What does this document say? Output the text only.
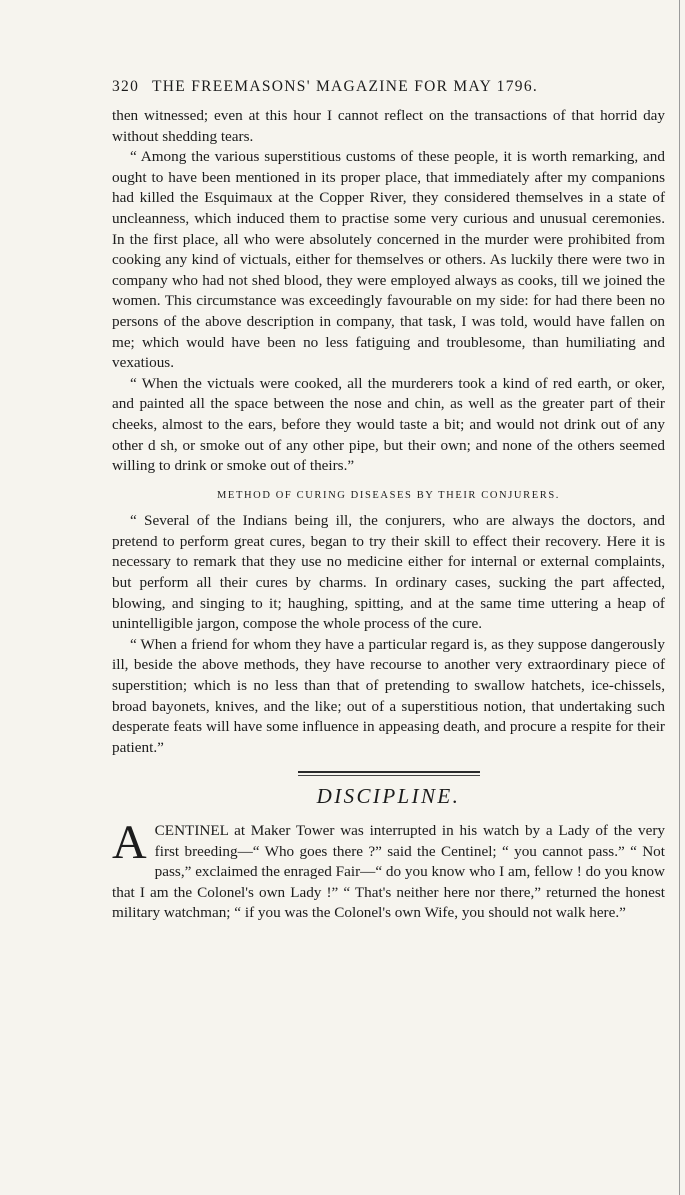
320 THE FREEMASONS' MAGAZINE FOR MAY 1796.

then witnessed; even at this hour I cannot reflect on the transactions of that horrid day without shedding tears.

“ Among the various superstitious customs of these people, it is worth remarking, and ought to have been mentioned in its proper place, that immediately after my companions had killed the Esquimaux at the Copper River, they considered themselves in a state of uncleanness, which induced them to practise some very curious and unusual ceremonies. In the first place, all who were absolutely concerned in the murder were prohibited from cooking any kind of victuals, either for themselves or others. As luckily there were two in company who had not shed blood, they were employed always as cooks, till we joined the women. This circumstance was exceedingly favourable on my side: for had there been no persons of the above description in company, that task, I was told, would have fallen on me; which would have been no less fatiguing and troublesome, than humiliating and vexatious.

“ When the victuals were cooked, all the murderers took a kind of red earth, or oker, and painted all the space between the nose and chin, as well as the greater part of their cheeks, almost to the ears, before they would taste a bit; and would not drink out of any other d sh, or smoke out of any other pipe, but their own; and none of the others seemed willing to drink or smoke out of theirs.”

METHOD OF CURING DISEASES BY THEIR CONJURERS.

“ Several of the Indians being ill, the conjurers, who are always the doctors, and pretend to perform great cures, began to try their skill to effect their recovery. Here it is necessary to remark that they use no medicine either for internal or external complaints, but perform all their cures by charms. In ordinary cases, sucking the part affected, blowing, and singing to it; haughing, spitting, and at the same time uttering a heap of unintelligible jargon, compose the whole process of the cure.

“ When a friend for whom they have a particular regard is, as they suppose dangerously ill, beside the above methods, they have recourse to another very extraordinary piece of superstition; which is no less than that of pretending to swallow hatchets, ice-chissels, broad bayonets, knives, and the like; out of a superstitious notion, that undertaking such desperate feats will have some influence in appeasing death, and procure a respite for their patient.”

DISCIPLINE.

ACENTINEL at Maker Tower was interrupted in his watch by a Lady of the very first breeding—“ Who goes there ?” said the Centinel; “ you cannot pass.” “ Not pass,” exclaimed the enraged Fair—“ do you know who I am, fellow ! do you know that I am the Colonel's own Lady !” “ That's neither here nor there,” returned the honest military watchman; “ if you was the Colonel's own Wife, you should not walk here.”
